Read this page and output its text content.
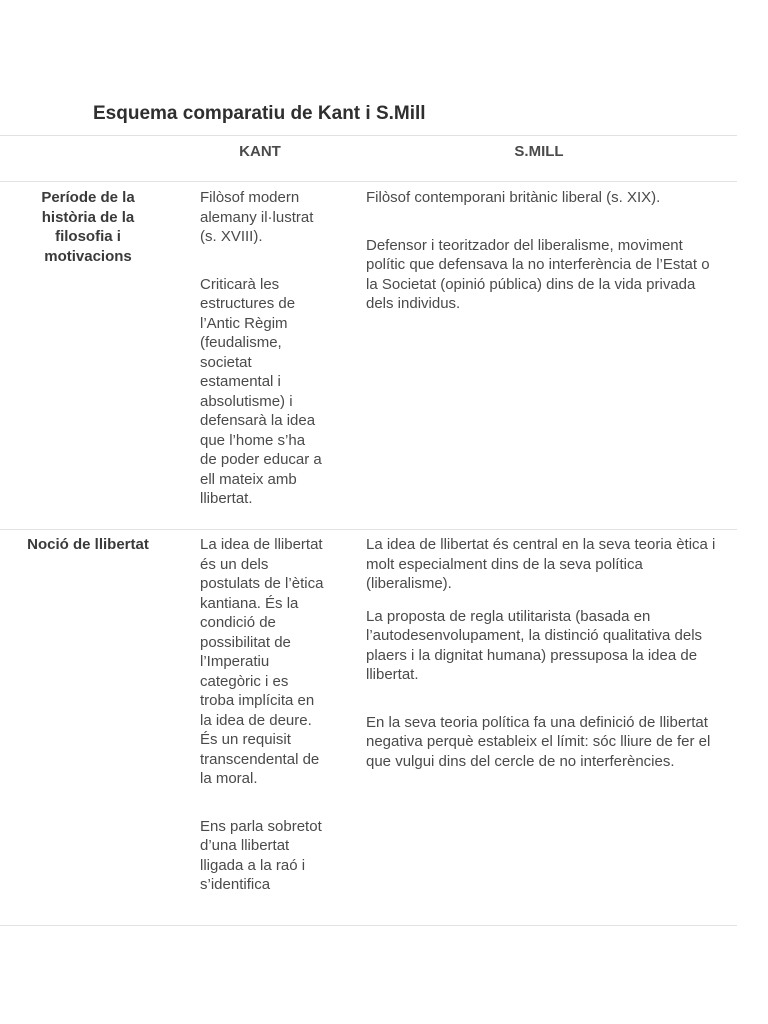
Esquema comparatiu de Kant i S.Mill
KANT	S.MILL
Període de la història de la filosofia i motivacions

Filòsof modern alemany il·lustrat (s. XVIII).

Criticarà les estructures de l’Antic Règim (feudalisme, societat estamental i absolutisme) i defensarà la idea que l’home s’ha de poder educar a ell mateix amb llibertat.

Filòsof contemporani britànic liberal (s. XIX).

Defensor i teoritzador del liberalisme, moviment polític que defensava la no interferència de l’Estat o la Societat (opinió pública) dins de la vida privada dels individus.

Noció de llibertat	La idea de llibertat és un dels postulats de l’ètica kantiana. És la condició de possibilitat de l’Imperatiu categòric i es troba implícita en la idea de deure. És un requisit transcendental de la moral.

Ens parla sobretot d’una llibertat lligada a la raó i s’identifica

La idea de llibertat és central en la seva teoria ètica i molt especialment dins de la seva política (liberalisme).

La proposta de regla utilitarista (basada en l’autodesenvolupament, la distinció qualitativa dels plaers i la dignitat humana) pressuposa la idea de llibertat.

En la seva teoria política fa una definició de llibertat negativa perquè estableix el límit: sóc lliure de fer el que vulgui dins del cercle de no interferències.
